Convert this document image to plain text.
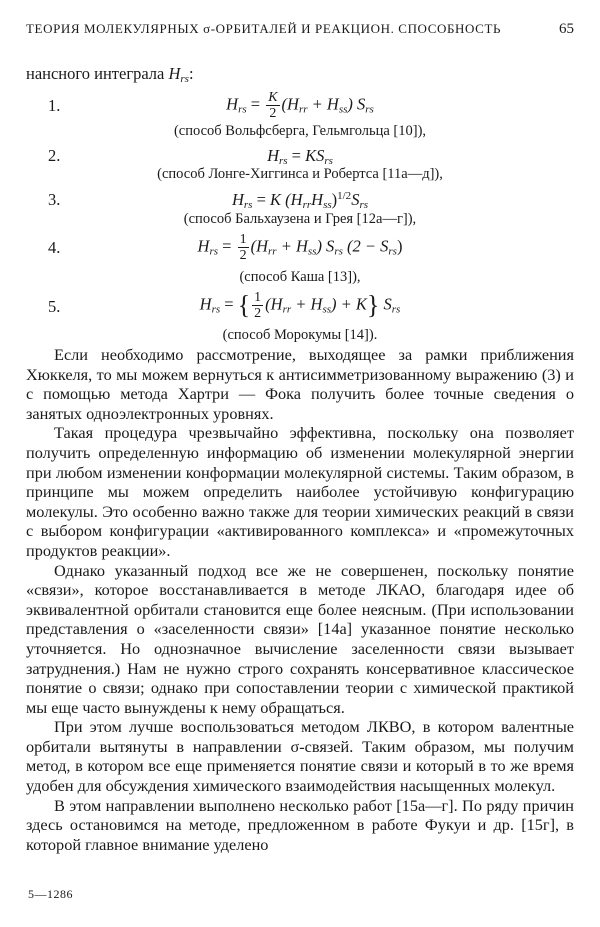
ТЕОРИЯ МОЛЕКУЛЯРНЫХ σ-ОРБИТАЛЕЙ И РЕАКЦИОН. СПОСОБНОСТЬ	65
нансного интеграла $H_{rs}$:
1.	$H_{rs} = \frac{K}{2} (H_{rr} + H_{ss})$ $S_{rs}$
(способ Вольфсберга, Гельмгольца [10]),
2.	$H_{rs} = KS_{rs}$
(способ Лонге-Хиггинса и Робертса [11а—д]),
3.	$H_{rs} = K$ $(H_{rr}H_{ss})^{1/2}S_{rs}$
(способ Бальхаузена и Грея [12а—г]),
4.	$H_{rs} = \frac{1}{2} (H_{rr} + H_{ss})$ $S_{rs}$ $(2 - S_{rs})$
(способ Каша [13]),
5.	$H_{rs}$ = { $\frac{1}{2} (H_{rr} + H_{ss}) + K$} $S_{rs}$
(способ Морокумы [14]).

Если необходимо рассмотрение, выходящее за рамки приближения Хюккеля, то мы можем вернуться к антисимметризованному выражению (3) и с помощью метода Хартри — Фока получить более точные сведения о занятых одноэлектронных уровнях.

Такая процедура чрезвычайно эффективна, поскольку она позволяет получить определенную информацию об изменении молекулярной энергии при любом изменении конформации молекулярной системы. Таким образом, в принципе мы можем определить наиболее устойчивую конфигурацию молекулы. Это особенно важно также для теории химических реакций в связи с выбором конфигурации «активированного комплекса» и «промежуточных продуктов реакции».

Однако указанный подход все же не совершенен, поскольку понятие «связи», которое восстанавливается в методе ЛКАО, благодаря идее об эквивалентной орбитали становится еще более неясным. (При использовании представления о «заселенности связи» [14а] указанное понятие несколько уточняется. Но однозначное вычисление заселенности связи вызывает затруднения.) Нам не нужно строго сохранять консервативное классическое понятие о связи; однако при сопоставлении теории с химической практикой мы еще часто вынуждены к нему обращаться.

При этом лучше воспользоваться методом ЛКВО, в котором валентные орбитали вытянуты в направлении σ-связей. Таким образом, мы получим метод, в котором все еще применяется понятие связи и который в то же время удобен для обсуждения химического взаимодействия насыщенных молекул.

В этом направлении выполнено несколько работ [15а—г]. По ряду причин здесь остановимся на методе, предложенном в работе Фукуи и др. [15г], в которой главное внимание уделено

5—1286
